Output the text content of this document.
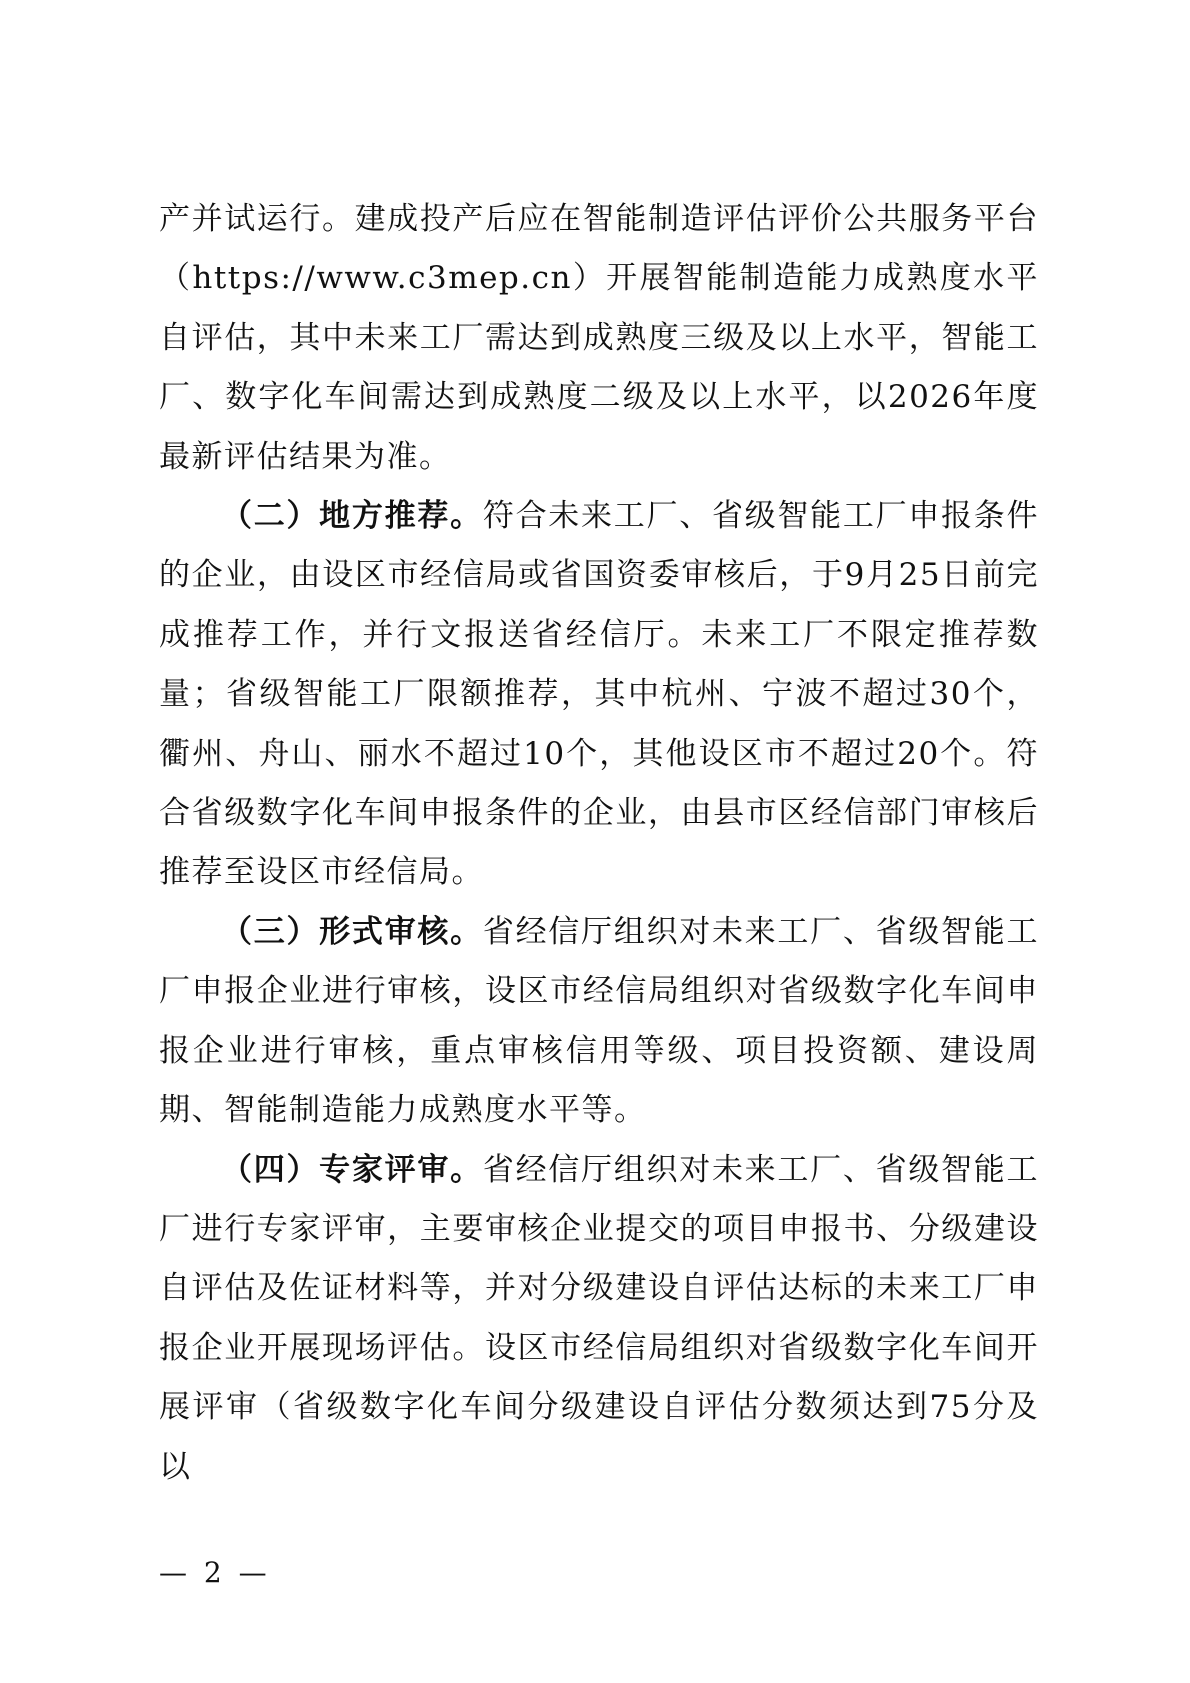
产并试运行。建成投产后应在智能制造评估评价公共服务平台（https://www.c3mep.cn）开展智能制造能力成熟度水平自评估，其中未来工厂需达到成熟度三级及以上水平，智能工厂、数字化车间需达到成熟度二级及以上水平，以2026年度最新评估结果为准。

（二）地方推荐。符合未来工厂、省级智能工厂申报条件的企业，由设区市经信局或省国资委审核后，于9月25日前完成推荐工作，并行文报送省经信厅。未来工厂不限定推荐数量；省级智能工厂限额推荐，其中杭州、宁波不超过30个，衢州、舟山、丽水不超过10个，其他设区市不超过20个。符合省级数字化车间申报条件的企业，由县市区经信部门审核后推荐至设区市经信局。

（三）形式审核。省经信厅组织对未来工厂、省级智能工厂申报企业进行审核，设区市经信局组织对省级数字化车间申报企业进行审核，重点审核信用等级、项目投资额、建设周期、智能制造能力成熟度水平等。

（四）专家评审。省经信厅组织对未来工厂、省级智能工厂进行专家评审，主要审核企业提交的项目申报书、分级建设自评估及佐证材料等，并对分级建设自评估达标的未来工厂申报企业开展现场评估。设区市经信局组织对省级数字化车间开展评审（省级数字化车间分级建设自评估分数须达到75分及以

— 2 —
